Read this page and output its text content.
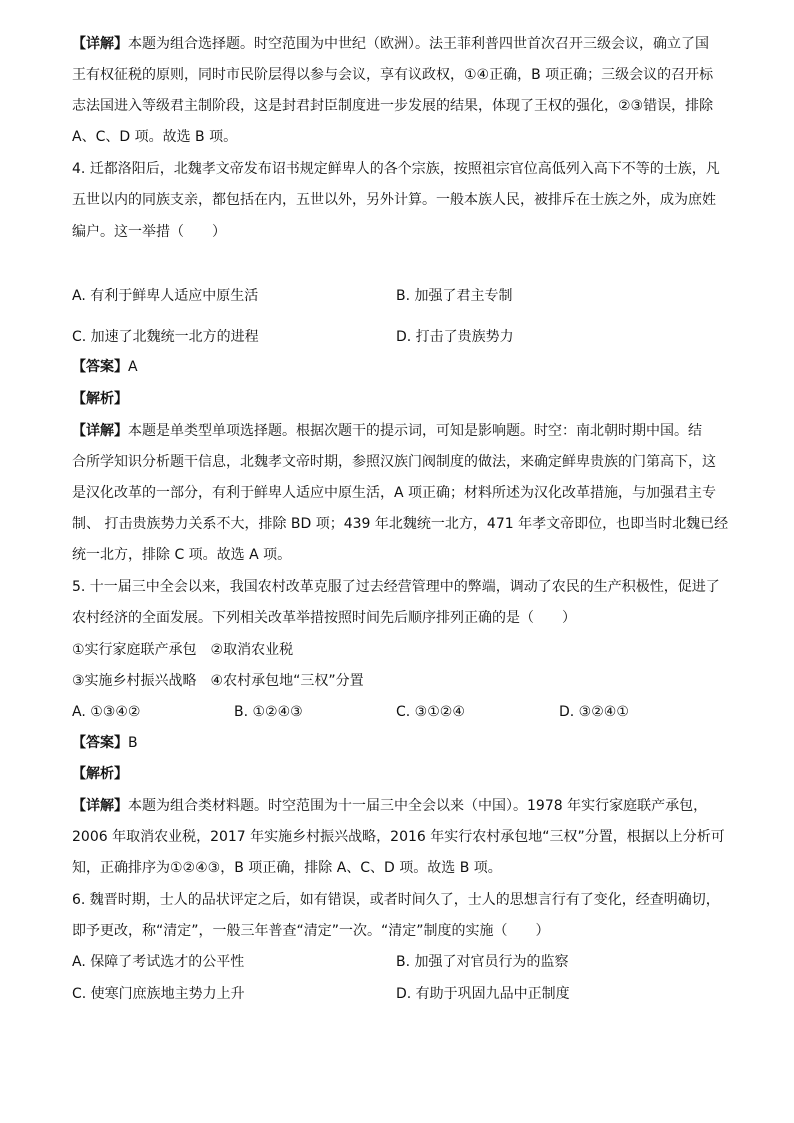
【详解】本题为组合选择题。时空范围为中世纪（欧洲）。法王菲利普四世首次召开三级会议，确立了国
王有权征税的原则，同时市民阶层得以参与会议，享有议政权，①④正确，B 项正确；三级会议的召开标
志法国进入等级君主制阶段，这是封君封臣制度进一步发展的结果，体现了王权的强化，②③错误，排除
A、C、D 项。故选 B 项。
4. 迁都洛阳后，北魏孝文帝发布诏书规定鲜卑人的各个宗族，按照祖宗官位高低列入高下不等的士族，凡
五世以内的同族支亲，都包括在内，五世以外，另外计算。一般本族人民，被排斥在士族之外，成为庶姓
编户。这一举措（　　）
A. 有利于鲜卑人适应中原生活	B. 加强了君主专制
C. 加速了北魏统一北方的进程	D. 打击了贵族势力
【答案】A
【解析】
【详解】本题是单类型单项选择题。根据次题干的提示词，可知是影响题。时空：南北朝时期中国。结
合所学知识分析题干信息，北魏孝文帝时期，参照汉族门阀制度的做法，来确定鲜卑贵族的门第高下，这
是汉化改革的一部分，有利于鲜卑人适应中原生活，A 项正确；材料所述为汉化改革措施，与加强君主专
制、 打击贵族势力关系不大，排除 BD 项；439 年北魏统一北方，471 年孝文帝即位，也即当时北魏已经
统一北方，排除 C 项。故选 A 项。
5. 十一届三中全会以来，我国农村改革克服了过去经营管理中的弊端，调动了农民的生产积极性，促进了
农村经济的全面发展。下列相关改革举措按照时间先后顺序排列正确的是（　　）
①实行家庭联产承包　②取消农业税
③实施乡村振兴战略　④农村承包地“三权”分置
A. ①③④②	B. ①②④③	C. ③①②④	D. ③②④①
【答案】B
【解析】
【详解】本题为组合类材料题。时空范围为十一届三中全会以来（中国）。1978 年实行家庭联产承包，
2006 年取消农业税，2017 年实施乡村振兴战略，2016 年实行农村承包地“三权”分置，根据以上分析可
知，正确排序为①②④③，B 项正确，排除 A、C、D 项。故选 B 项。
6. 魏晋时期，士人的品状评定之后，如有错误，或者时间久了，士人的思想言行有了变化，经查明确切，
即予更改，称“清定”，一般三年普查“清定”一次。“清定”制度的实施（　　）
A. 保障了考试选才的公平性	B. 加强了对官员行为的监察
C. 使寒门庶族地主势力上升	D. 有助于巩固九品中正制度
